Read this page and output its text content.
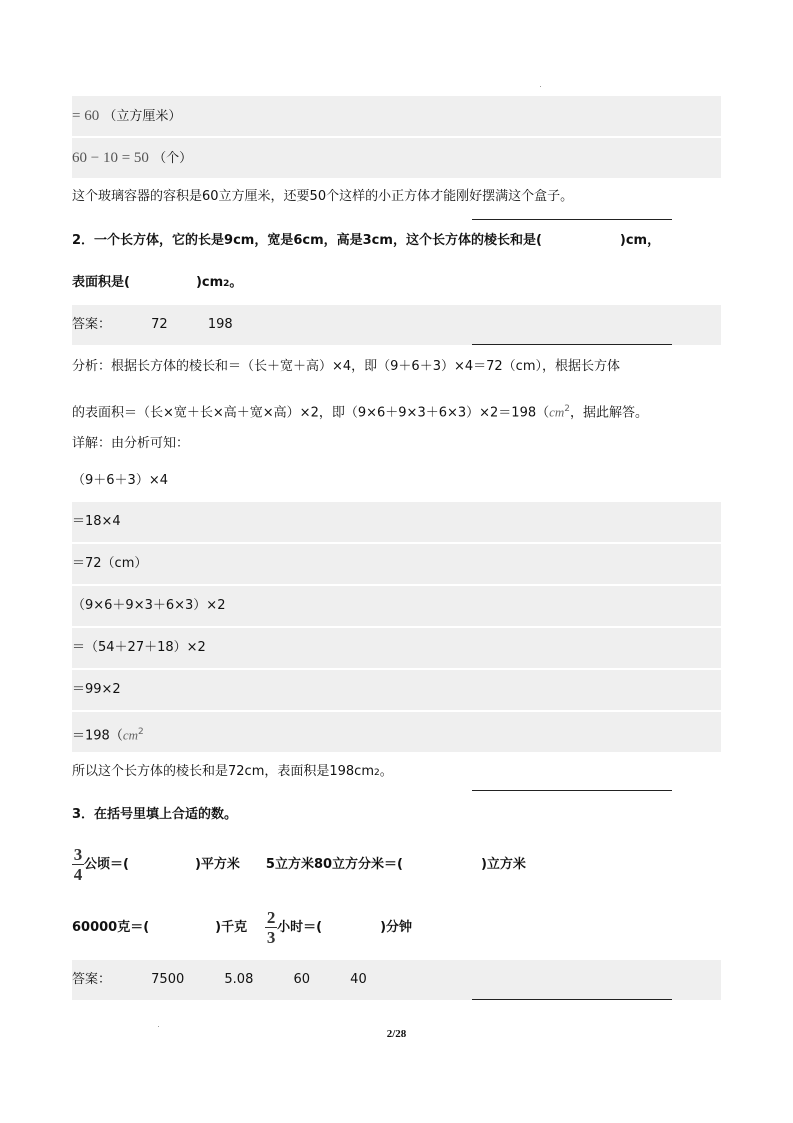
= 60 （立方厘米）
60 − 10 = 50 （个）
这个玻璃容器的容积是60立方厘米，还要50个这样的小正方体才能刚好摆满这个盒子。
2．一个长方体，它的长是9cm，宽是6cm，高是3cm，这个长方体的棱长和是(	)cm，
表面积是(	)cm2。
答案：	72	198
分析：根据长方体的棱长和＝（长＋宽＋高）×4，即（9＋6＋3）×4＝72（cm），根据长方体
的表面积＝（长×宽＋长×高＋宽×高）×2，即$(9\times 6+9\times 3+6\times 3)\times 2=198(cm^2$，据此解答。
详解：由分析可知：
（9＋6＋3）×4
＝18×4
＝72（cm）
（9×6＋9×3＋6×3）×2
＝（54＋27＋18）×2
＝99×2
$=198(cm^2$
所以这个长方体的棱长和是72cm，表面积是198cm2。
3．在括号里填上合适的数。
$\frac{3}{4}$ 公顷＝(	)平方米 5立方米80立方分米＝(	)立方米
60000克＝(	)千克 $\frac{2}{3}$ 小时＝(	)分钟
答案：	7500	5.08	60	40
2/28
